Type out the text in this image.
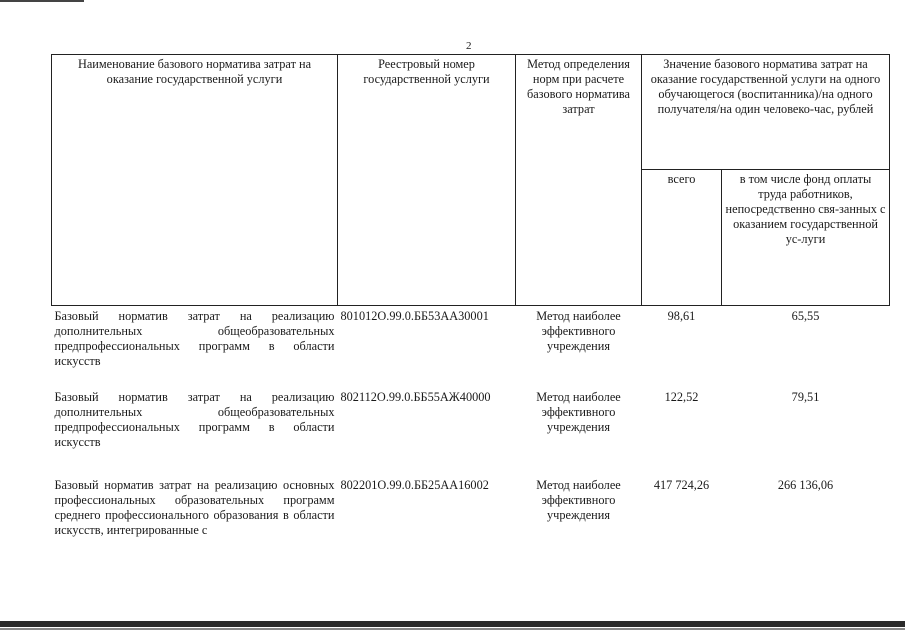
2
Наименование базового норматива затрат на оказание государственной услуги	Реестровый номер государственной услуги	Метод определения норм при расчете базового норматива затрат	Значение базового норматива затрат на оказание государственной услуги на одного обучающегося (воспитанника)/на одного получателя/на один человеко-час, рублей	
			всего	в том числе фонд оплаты труда работников, непосредственно свя-занных с оказанием государственной ус-луги
Базовый норматив затрат на реализацию дополнительных общеобразовательных предпрофессиональных программ в области искусств	801012О.99.0.ББ53АА30001	Метод наиболее эффективного учреждения	98,61	65,55
Базовый норматив затрат на реализацию дополнительных общеобразовательных предпрофессиональных программ в области искусств	802112О.99.0.ББ55АЖ40000	Метод наиболее эффективного учреждения	122,52	79,51
Базовый норматив затрат на реализацию основных профессиональных образовательных программ среднего профессионального образования в области искусств, интегрированные с	802201О.99.0.ББ25АА16002	Метод наиболее эффективного учреждения	417 724,26	266 136,06
